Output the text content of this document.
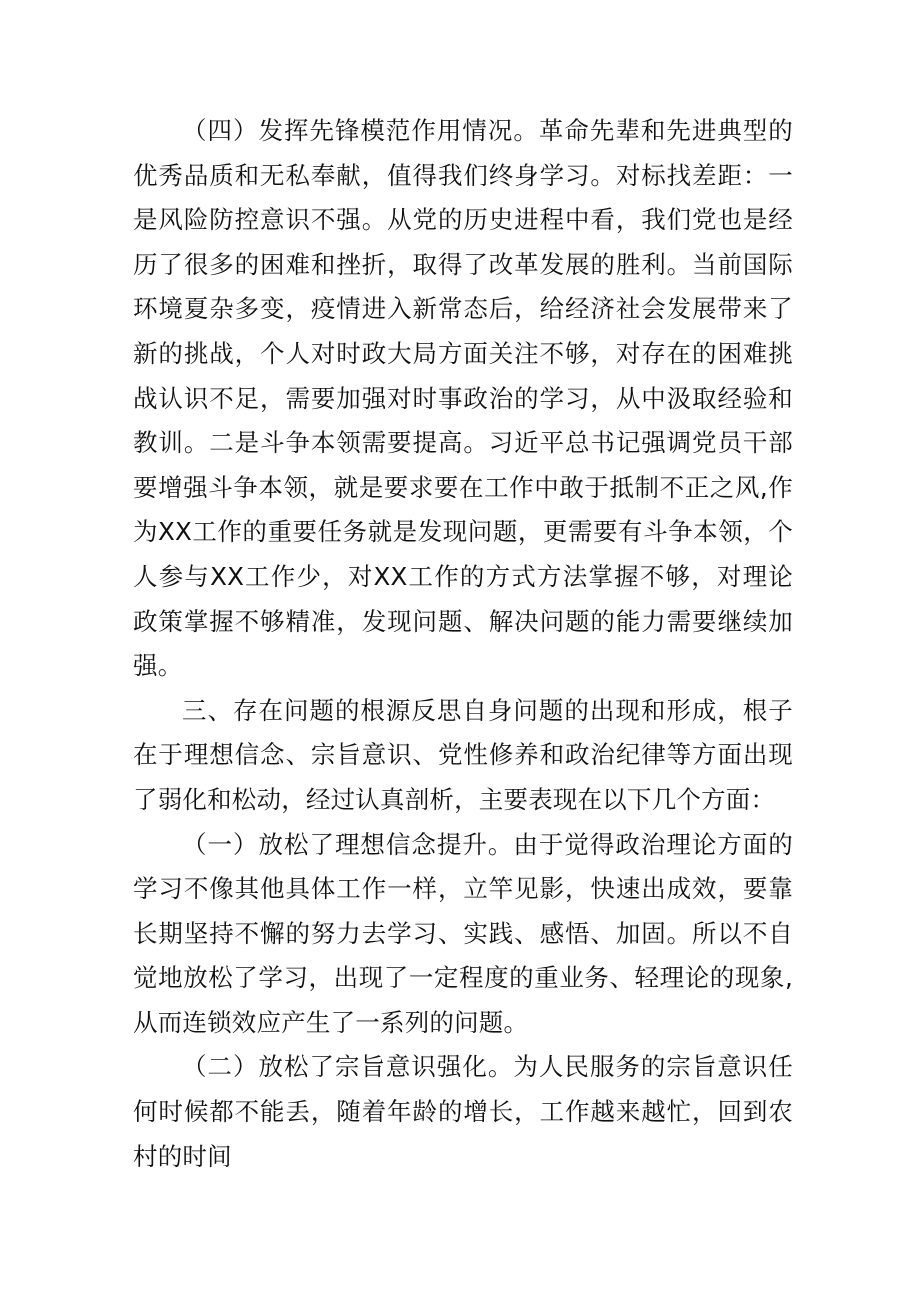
（四）发挥先锋模范作用情况。革命先辈和先进典型的优秀品质和无私奉献，值得我们终身学习。对标找差距：一是风险防控意识不强。从党的历史进程中看，我们党也是经历了很多的困难和挫折，取得了改革发展的胜利。当前国际环境夏杂多变，疫情进入新常态后，给经济社会发展带来了新的挑战，个人对时政大局方面关注不够，对存在的困难挑战认识不足，需要加强对时事政治的学习，从中汲取经验和教训。二是斗争本领需要提高。习近平总书记强调党员干部要增强斗争本领，就是要求要在工作中敢于抵制不正之风,作为XX工作的重要任务就是发现问题，更需要有斗争本领，个人参与XX工作少，对XX工作的方式方法掌握不够，对理论政策掌握不够精准，发现问题、解决问题的能力需要继续加强。

三、存在问题的根源反思自身问题的出现和形成，根子在于理想信念、宗旨意识、党性修养和政治纪律等方面出现了弱化和松动，经过认真剖析，主要表现在以下几个方面：

（一）放松了理想信念提升。由于觉得政治理论方面的学习不像其他具体工作一样，立竿见影，快速出成效，要靠长期坚持不懈的努力去学习、实践、感悟、加固。所以不自觉地放松了学习，出现了一定程度的重业务、轻理论的现象,从而连锁效应产生了一系列的问题。

（二）放松了宗旨意识强化。为人民服务的宗旨意识任何时候都不能丢，随着年龄的增长，工作越来越忙，回到农村的时间
